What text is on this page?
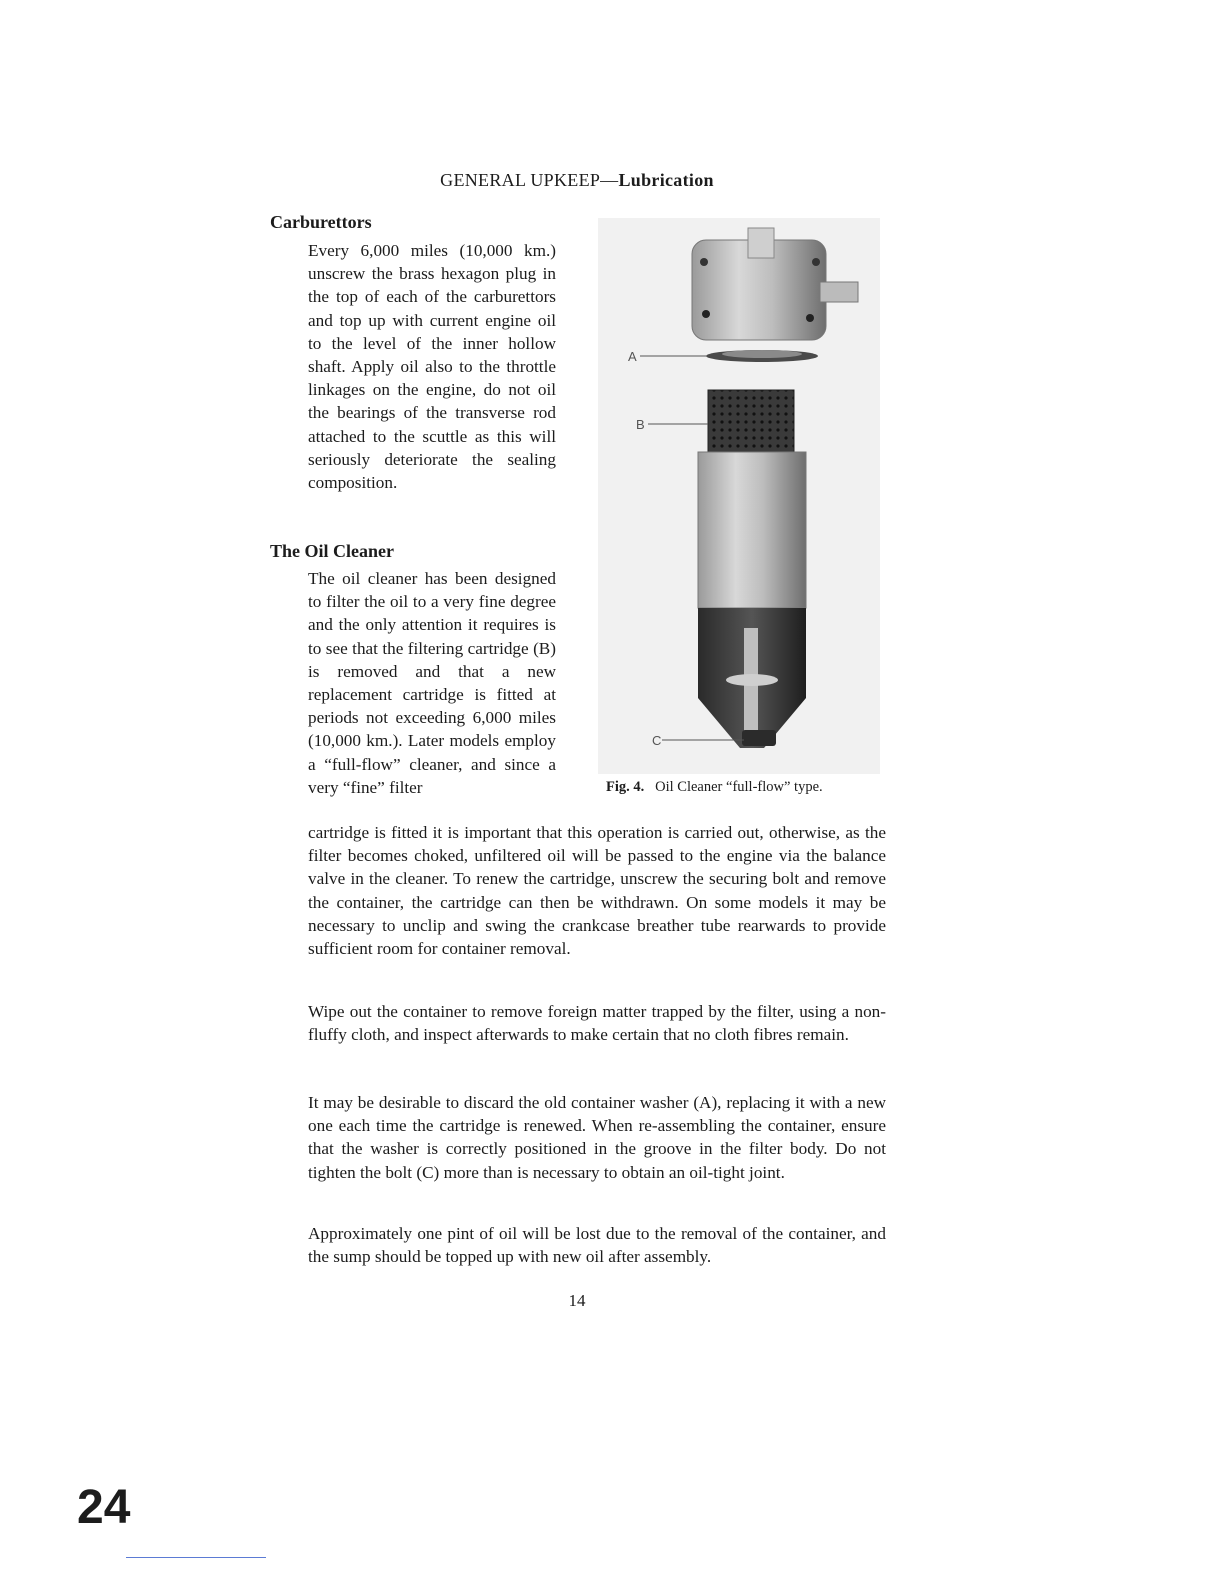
GENERAL UPKEEP—Lubrication
Carburettors

Every 6,000 miles (10,000 km.) unscrew the brass hexagon plug in the top of each of the carburettors and top up with current engine oil to the level of the inner hollow shaft. Apply oil also to the throttle linkages on the engine, do not oil the bearings of the transverse rod attached to the scuttle as this will seriously deteriorate the sealing composition.

The Oil Cleaner

The oil cleaner has been designed to filter the oil to a very fine degree and the only attention it requires is to see that the filtering cartridge (B) is removed and that a new replacement cartridge is fitted at periods not exceeding 6,000 miles (10,000 km.). Later models employ a “full-flow” cleaner, and since a very “fine” filter

cartridge is fitted it is important that this operation is carried out, otherwise, as the filter becomes choked, unfiltered oil will be passed to the engine via the balance valve in the cleaner. To renew the cartridge, unscrew the securing bolt and remove the container, the cartridge can then be withdrawn. On some models it may be necessary to unclip and swing the crankcase breather tube rearwards to provide sufficient room for container removal.

Wipe out the container to remove foreign matter trapped by the filter, using a non-fluffy cloth, and inspect afterwards to make certain that no cloth fibres remain.

It may be desirable to discard the old container washer (A), replacing it with a new one each time the cartridge is renewed. When re-assembling the container, ensure that the washer is correctly positioned in the groove in the filter body. Do not tighten the bolt (C) more than is necessary to obtain an oil-tight joint.

Approximately one pint of oil will be lost due to the removal of the container, and the sump should be topped up with new oil after assembly.

A
B
C
Fig. 4. Oil Cleaner “full-flow” type.
14
24
